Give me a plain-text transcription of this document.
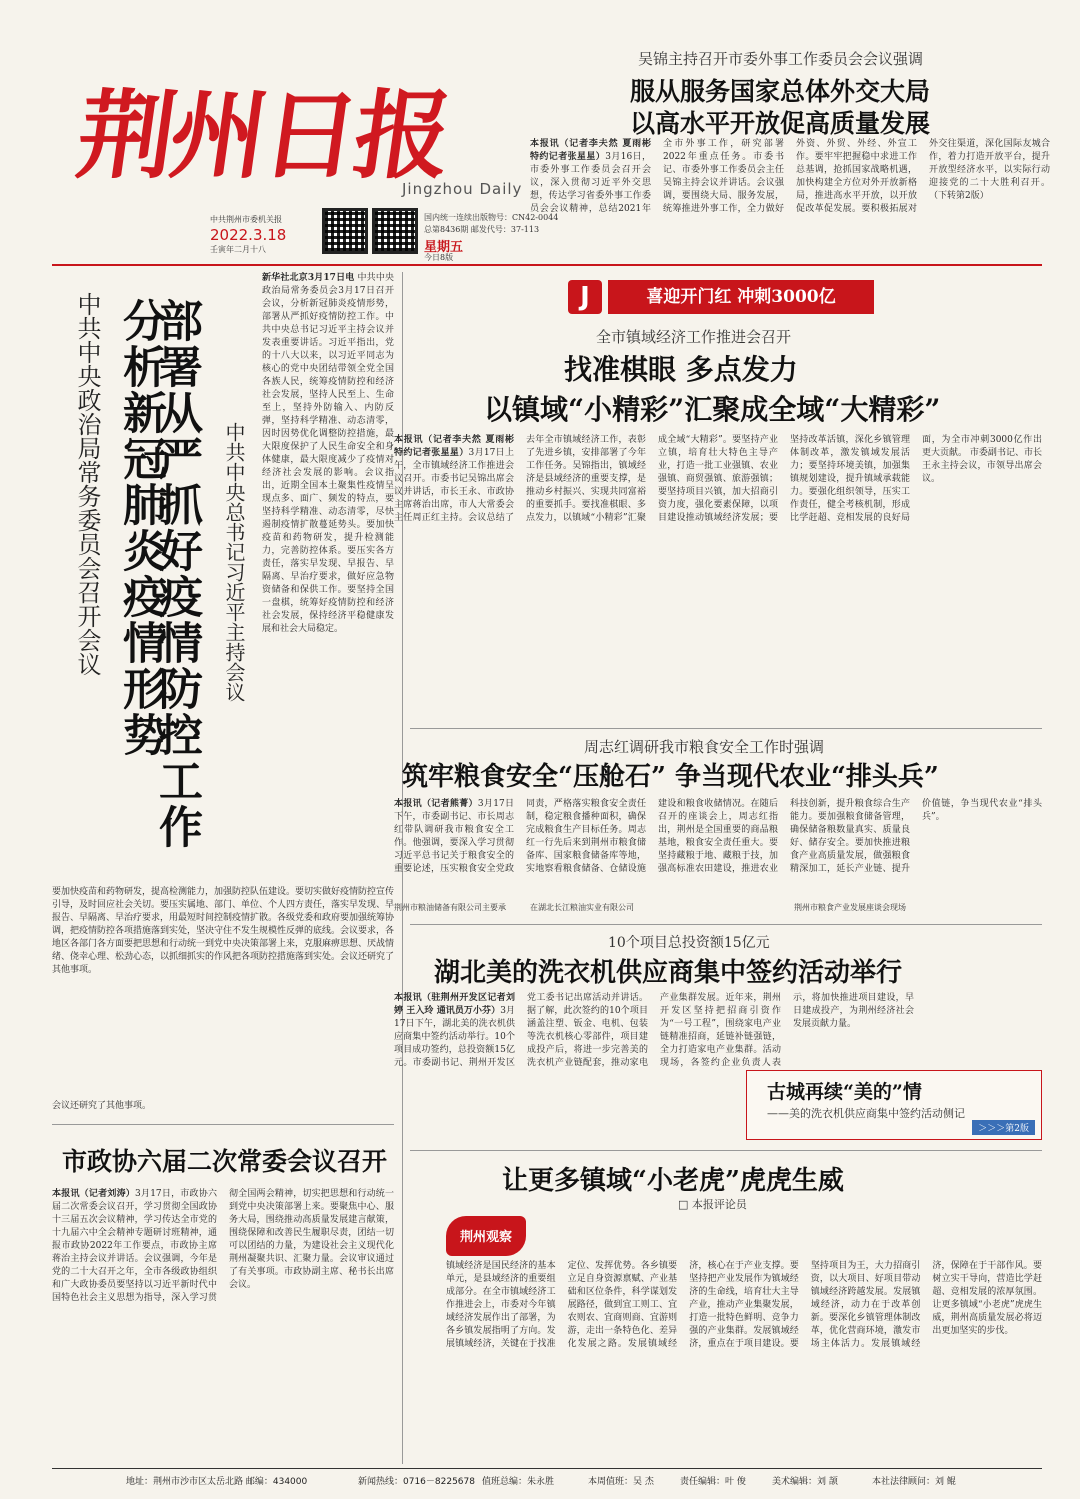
荆州日报
Jingzhou Daily
中共荆州市委机关报
2022.3.18
壬寅年二月十八
国内统一连续出版物号：CN42-0044
总第8436期 邮发代号：37-113
星期五
今日8版
吴锦主持召开市委外事工作委员会会议强调
服从服务国家总体外交大局
以高水平开放促高质量发展
本报讯（记者李夫然 夏雨彬 特约记者张星星）3月16日，市委外事工作委员会召开会议，深入贯彻习近平外交思想，传达学习省委外事工作委员会会议精神，总结2021年全市外事工作，研究部署2022年重点任务。市委书记、市委外事工作委员会主任吴锦主持会议并讲话。会议强调，要围绕大局、服务发展，统筹推进外事工作，全力做好外资、外贸、外经、外宣工作。要牢牢把握稳中求进工作总基调，抢抓国家战略机遇，加快构建全方位对外开放新格局，推进高水平开放，以开放促改革促发展。要积极拓展对外交往渠道，深化国际友城合作，着力打造开放平台，提升开放型经济水平，以实际行动迎接党的二十大胜利召开。（下转第2版）
中共中央政治局常务委员会召开会议 部署从严抓好疫情防控工作
分析新冠肺炎疫情形势	中共中央总书记习近平主持会议
新华社北京3月17日电 中共中央政治局常务委员会3月17日召开会议，分析新冠肺炎疫情形势，部署从严抓好疫情防控工作。中共中央总书记习近平主持会议并发表重要讲话。习近平指出，党的十八大以来，以习近平同志为核心的党中央团结带领全党全国各族人民，统筹疫情防控和经济社会发展，坚持人民至上、生命至上，坚持外防输入、内防反弹，坚持科学精准、动态清零，因时因势优化调整防控措施，最大限度保护了人民生命安全和身体健康，最大限度减少了疫情对经济社会发展的影响。会议指出，近期全国本土聚集性疫情呈现点多、面广、频发的特点，要坚持科学精准、动态清零，尽快遏制疫情扩散蔓延势头。要加快疫苗和药物研发，提升检测能力，完善防控体系。要压实各方责任，落实早发现、早报告、早隔离、早治疗要求，做好应急物资储备和保供工作。要坚持全国一盘棋，统筹好疫情防控和经济社会发展，保持经济平稳健康发展和社会大局稳定。
要加快疫苗和药物研发，提高检测能力，加强防控队伍建设。要切实做好疫情防控宣传引导，及时回应社会关切。要压实属地、部门、单位、个人四方责任，落实早发现、早报告、早隔离、早治疗要求，用最短时间控制疫情扩散。各级党委和政府要加强统筹协调，把疫情防控各项措施落到实处，坚决守住不发生规模性反弹的底线。会议要求，各地区各部门各方面要把思想和行动统一到党中央决策部署上来，克服麻痹思想、厌战情绪、侥幸心理、松劲心态，以抓细抓实的作风把各项防控措施落到实处。会议还研究了其他事项。
会议还研究了其他事项。
市政协六届二次常委会议召开
本报讯（记者刘涛）3月17日，市政协六届二次常委会议召开，学习贯彻全国政协十三届五次会议精神，学习传达全市党的十九届六中全会精神专题研讨班精神，通报市政协2022年工作要点，市政协主席蒋治主持会议并讲话。会议强调，今年是党的二十大召开之年，全市各级政协组织和广大政协委员要坚持以习近平新时代中国特色社会主义思想为指导，深入学习贯彻全国两会精神，切实把思想和行动统一到党中央决策部署上来。要聚焦中心、服务大局，围绕推动高质量发展建言献策，围绕保障和改善民生履职尽责，团结一切可以团结的力量，为建设社会主义现代化荆州凝聚共识、汇聚力量。会议审议通过了有关事项。市政协副主席、秘书长出席会议。
J	喜迎开门红 冲刺3000亿
全市镇域经济工作推进会召开
找准棋眼 多点发力
以镇域“小精彩”汇聚成全域“大精彩”
本报讯（记者李夫然 夏雨彬 特约记者张星星）3月17日上午，全市镇域经济工作推进会议召开。市委书记吴锦出席会议并讲话，市长王永、市政协主席蒋治出席，市人大常委会主任周正红主持。会议总结了去年全市镇域经济工作，表彰了先进乡镇，安排部署了今年工作任务。吴锦指出，镇域经济是县域经济的重要支撑，是推动乡村振兴、实现共同富裕的重要抓手。要找准棋眼、多点发力，以镇域“小精彩”汇聚成全域“大精彩”。要坚持产业立镇，培育壮大特色主导产业，打造一批工业强镇、农业强镇、商贸强镇、旅游强镇；要坚持项目兴镇，加大招商引资力度，强化要素保障，以项目建设推动镇域经济发展；要坚持改革活镇，深化乡镇管理体制改革，激发镇域发展活力；要坚持环境美镇，加强集镇规划建设，提升镇域承载能力。要强化组织领导，压实工作责任，健全考核机制，形成比学赶超、竞相发展的良好局面，为全市冲刺3000亿作出更大贡献。 市委副书记、市长王永主持会议，市领导出席会议。
周志红调研我市粮食安全工作时强调
筑牢粮食安全“压舱石” 争当现代农业“排头兵”
本报讯（记者熊菁）3月17日下午，市委副书记、市长周志红带队调研我市粮食安全工作。他强调，要深入学习贯彻习近平总书记关于粮食安全的重要论述，压实粮食安全党政同责，严格落实粮食安全责任制，稳定粮食播种面积，确保完成粮食生产目标任务。周志红一行先后来到荆州市粮食储备库、国家粮食储备库等地，实地察看粮食储备、仓储设施建设和粮食收储情况。在随后召开的座谈会上，周志红指出，荆州是全国重要的商品粮基地，粮食安全责任重大。要坚持藏粮于地、藏粮于技，加强高标准农田建设，推进农业科技创新，提升粮食综合生产能力。要加强粮食储备管理，确保储备粮数量真实、质量良好、储存安全。要加快推进粮食产业高质量发展，做强粮食精深加工，延长产业链、提升价值链，争当现代农业“排头兵”。
荆州市粮油储备有限公司主要承	在湖北长江粮油实业有限公司	荆州市粮食产业发展座谈会现场
10个项目总投资额15亿元
湖北美的洗衣机供应商集中签约活动举行
本报讯（驻荆州开发区记者刘 婷 王入玲 通讯员万小芬）3月17日下午，湖北美的洗衣机供应商集中签约活动举行。10个项目成功签约，总投资额15亿元。市委副书记、荆州开发区党工委书记出席活动并讲话。据了解，此次签约的10个项目涵盖注塑、钣金、电机、包装等洗衣机核心零部件，项目建成投产后，将进一步完善美的洗衣机产业链配套，推动家电产业集群发展。近年来，荆州开发区坚持把招商引资作为“一号工程”，围绕家电产业链精准招商，延链补链强链，全力打造家电产业集群。活动现场，各签约企业负责人表示，将加快推进项目建设，早日建成投产，为荆州经济社会发展贡献力量。
古城再续“美的”情
——美的洗衣机供应商集中签约活动侧记
＞＞＞第2版
让更多镇域“小老虎”虎虎生威
□ 本报评论员
荆州观察
镇域经济是国民经济的基本单元，是县域经济的重要组成部分。在全市镇域经济工作推进会上，市委对今年镇域经济发展作出了部署，为各乡镇发展指明了方向。发展镇域经济，关键在于找准定位、发挥优势。各乡镇要立足自身资源禀赋、产业基础和区位条件，科学谋划发展路径，做到宜工则工、宜农则农、宜商则商、宜游则游，走出一条特色化、差异化发展之路。发展镇域经济，核心在于产业支撑。要坚持把产业发展作为镇域经济的生命线，培育壮大主导产业，推动产业集聚发展，打造一批特色鲜明、竞争力强的产业集群。发展镇域经济，重点在于项目建设。要坚持项目为王，大力招商引资，以大项目、好项目带动镇域经济跨越发展。发展镇域经济，动力在于改革创新。要深化乡镇管理体制改革，优化营商环境，激发市场主体活力。发展镇域经济，保障在于干部作风。要树立实干导向，营造比学赶超、竞相发展的浓厚氛围。让更多镇域“小老虎”虎虎生威，荆州高质量发展必将迈出更加坚实的步伐。
地址：荆州市沙市区太岳北路 邮编：434000	新闻热线：0716－8225678 值班总编：朱永胜	本周值班：吴 杰	责任编辑：叶 俊	美术编辑：刘 颉	本社法律顾问：刘 鲲
